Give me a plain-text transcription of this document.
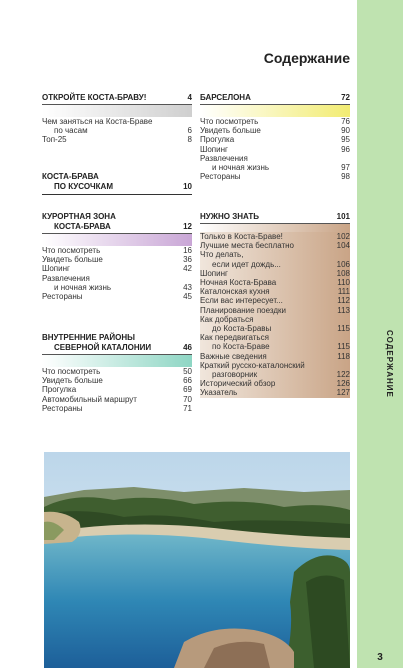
СОДЕРЖАНИЕ
3
Содержание
ОТКРОЙТЕ КОСТА-БРАВУ!	4
Чем заняться на Коста-Браве
по часам	6
Топ-25	8
КОСТА-БРАВА
ПО КУСОЧКАМ	10
КУРОРТНАЯ ЗОНА
КОСТА-БРАВА	12
Что посмотреть	16
Увидеть больше	36
Шопинг	42
Развлечения
и ночная жизнь	43
Рестораны	45
ВНУТРЕННИЕ РАЙОНЫ
СЕВЕРНОЙ КАТАЛОНИИ	46
Что посмотреть	50
Увидеть больше	66
Прогулка	69
Автомобильный маршрут	70
Рестораны	71
БАРСЕЛОНА	72
Что посмотреть	76
Увидеть больше	90
Прогулка	95
Шопинг	96
Развлечения
и ночная жизнь	97
Рестораны	98
НУЖНО ЗНАТЬ	101
Только в Коста-Браве!	102
Лучшие места бесплатно	104
Что делать,
если идет дождь...	106
Шопинг	108
Ночная Коста-Брава	110
Каталонская кухня	111
Если вас интересует...	112
Планирование поездки	113
Как добраться
до Коста-Бравы	115
Как передвигаться
по Коста-Браве	115
Важные сведения	118
Краткий русско-каталонский
разговорник	122
Исторический обзор	126
Указатель	127
